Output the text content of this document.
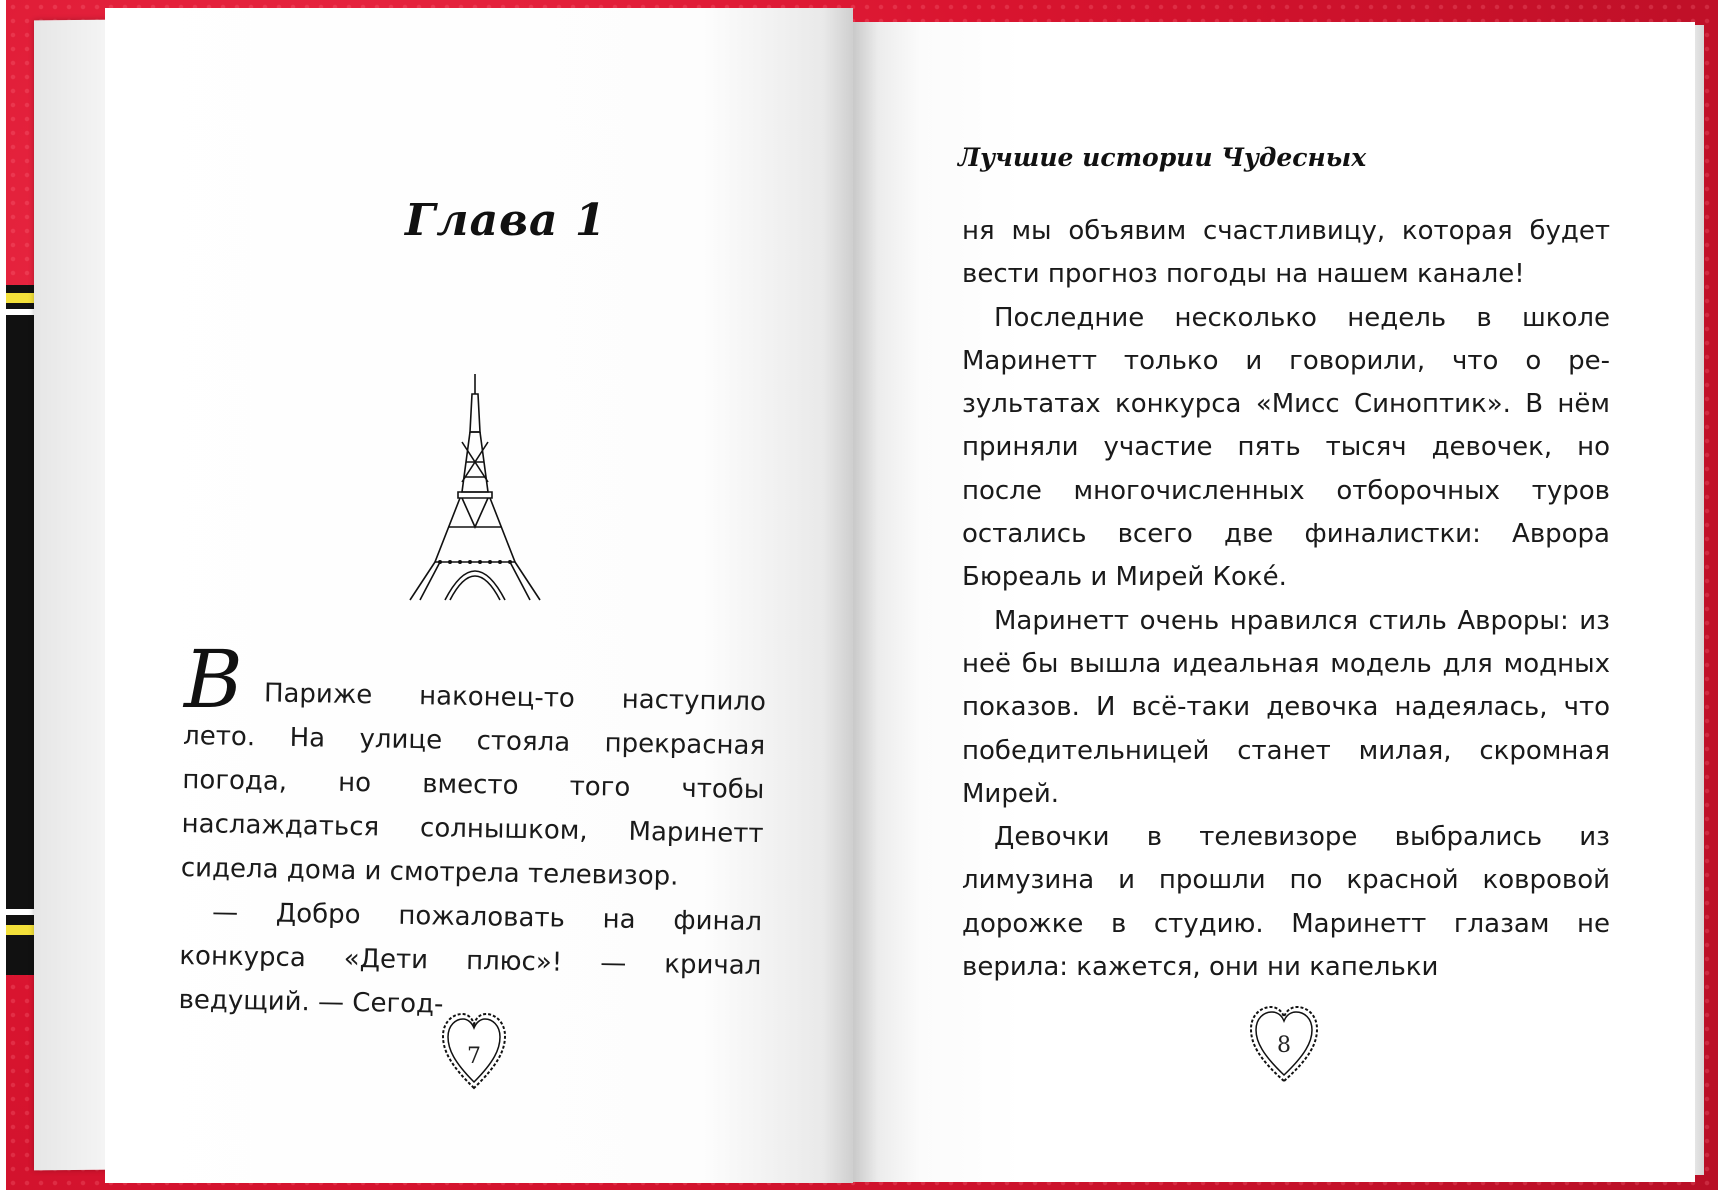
Глава 1
В Париже наконец-то наступило лето. На улице стояла прекрасная погода, но вместо того чтобы наслаждаться солнышком, Маринетт сидела дома и смотрела телевизор.

— Добро пожаловать на финал конкурса «Дети плюс»! — кричал ведущий. — Сегод-

7
Лучшие истории Чудесных

ня мы объявим счастливицу, которая будет вести прогноз погоды на нашем канале!

Последние несколько недель в школе Маринетт только и говорили, что о результатах конкурса «Мисс Синоптик». В нём приняли участие пять тысяч девочек, но после многочисленных отборочных туров остались всего две финалистки: Аврора Бюреаль и Мирей Коке́.

Маринетт очень нравился стиль Авроры: из неё бы вышла идеальная модель для модных показов. И всё-таки девочка надеялась, что победительницей станет милая, скромная Мирей.

Девочки в телевизоре выбрались из лимузина и прошли по красной ковровой дорожке в студию. Маринетт глазам не верила: кажется, они ни капельки

8
